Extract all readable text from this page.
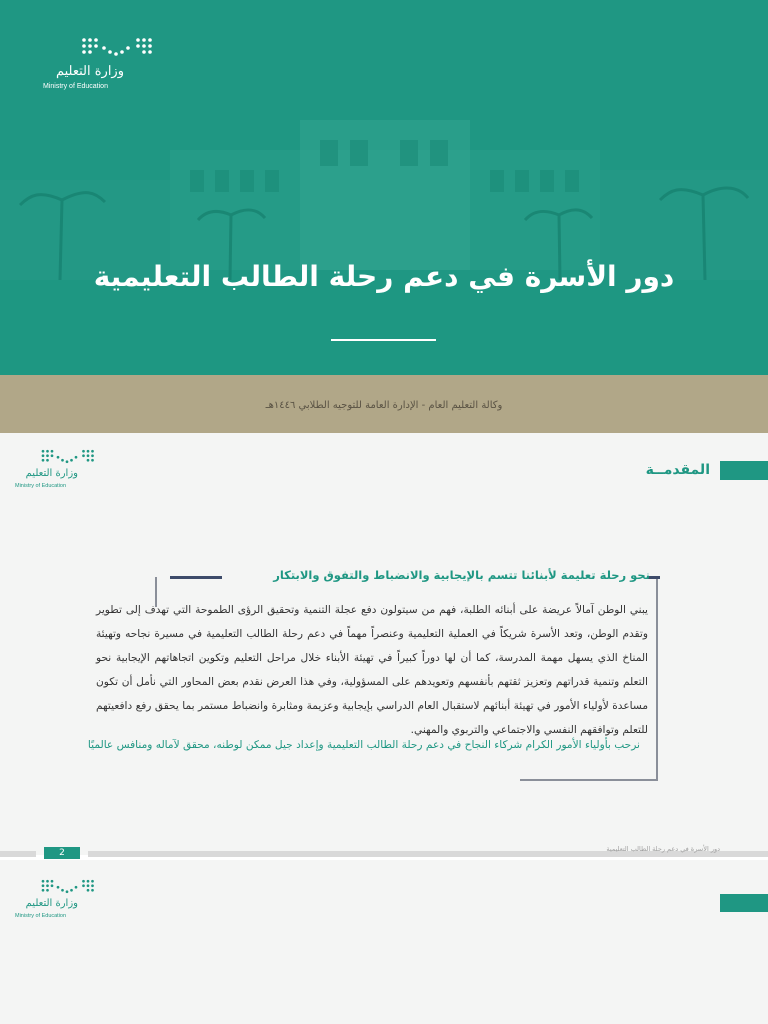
وزارة التعليم
Ministry of Education
دور الأسرة في دعم رحلة الطالب التعليمية
وكالة التعليم العام - الإدارة العامة للتوجيه الطلابي ١٤٤٦هـ
وزارة التعليم
Ministry of Education
المقدمــة
نحو رحلة تعليمة لأبنائنا تتسم بالإيجابية والانضباط والتفوق والابتكار
يبني الوطن آمالاً عريضة على أبنائه الطلبة، فهم من سيتولون دفع عجلة التنمية وتحقيق الرؤى الطموحة التي تهدف إلى تطوير وتقدم الوطن، وتعد الأسرة شريكاً في العملية التعليمية وعنصراً مهماً في دعم رحلة الطالب التعليمية في مسيرة نجاحه وتهيئة المناخ الذي يسهل مهمة المدرسة، كما أن لها دوراً كبيراً في تهيئة الأبناء خلال مراحل التعليم وتكوين اتجاهاتهم الإيجابية نحو التعلم وتنمية قدراتهم وتعزيز ثقتهم بأنفسهم وتعويدهم على المسؤولية، وفي هذا العرض نقدم بعض المحاور التي نأمل أن تكون مساعدة لأولياء الأمور في تهيئة أبنائهم لاستقبال العام الدراسي بإيجابية وعزيمة ومثابرة وانضباط مستمر بما يحقق رفع دافعيتهم للتعلم وتوافقهم النفسي والاجتماعي والتربوي والمهني.
نرحب بأولياء الأمور الكرام شركاء النجاح في دعم رحلة الطالب التعليمية وإعداد جيل ممكن لوطنه، محقق لآماله ومنافس عالميًا
2	دور الأسرة في دعم رحلة الطالب التعليمية
وزارة التعليم
Ministry of Education
